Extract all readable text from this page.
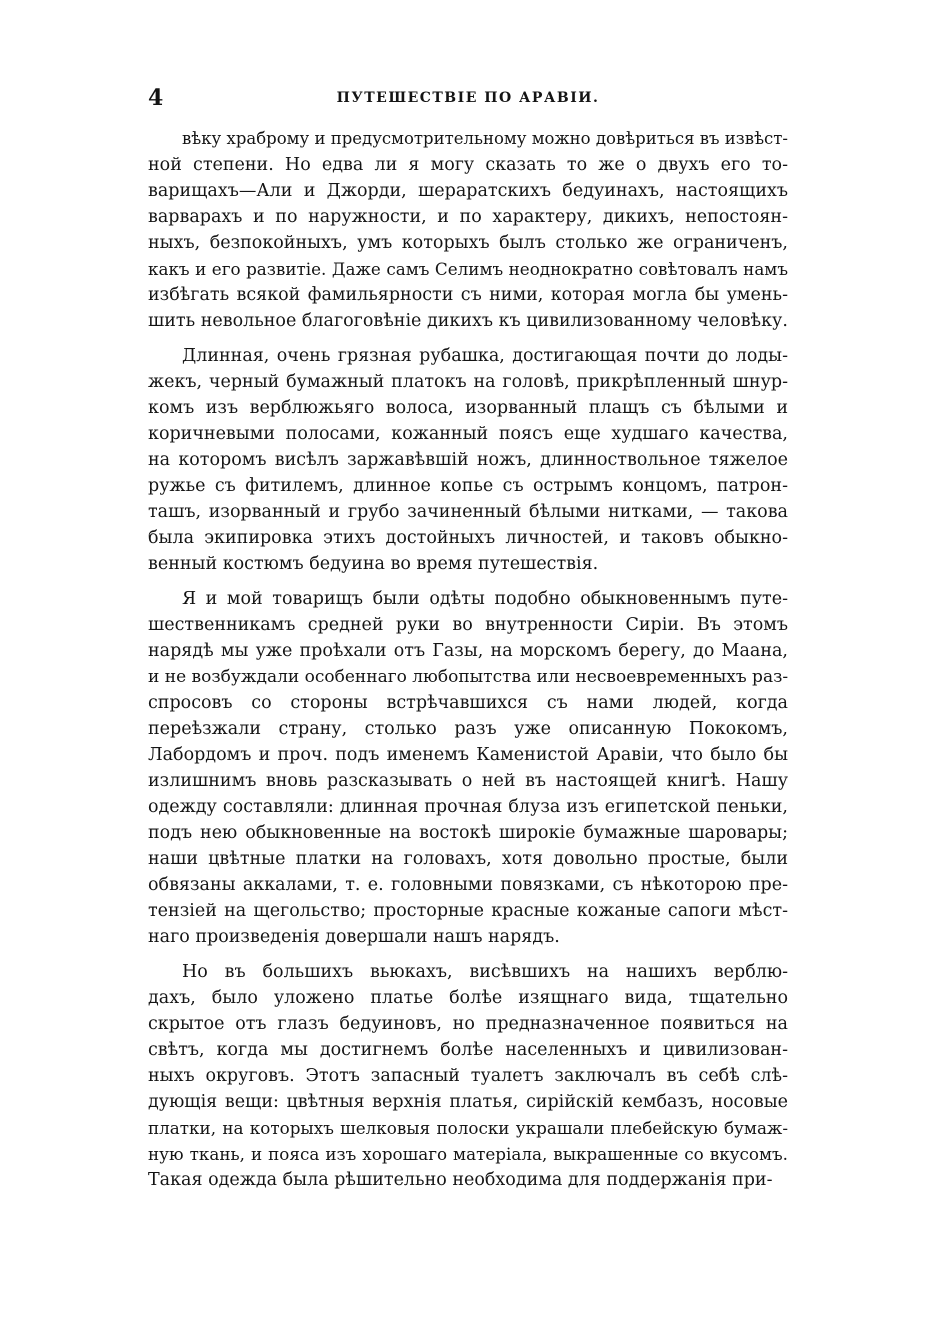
4	ПУТЕШЕСТВІЕ ПО АРАВІИ.

вѣку храброму и предусмотрительному можно довѣриться въ извѣст-
ной степени. Но едва ли я могу сказать то же о двухъ его то-
варищахъ—Али и Джорди, шераратскихъ бедуинахъ, настоящихъ
варварахъ и по наружности, и по характеру, дикихъ, непостоян-
ныхъ, безпокойныхъ, умъ которыхъ былъ столько же ограниченъ,
какъ и его развитіе. Даже самъ Селимъ неоднократно совѣтовалъ намъ
избѣгать всякой фамильярности съ ними, которая могла бы умень-
шить невольное благоговѣніе дикихъ къ цивилизованному человѣку.

Длинная, очень грязная рубашка, достигающая почти до лоды-
жекъ, черный бумажный платокъ на головѣ, прикрѣпленный шнур-
комъ изъ верблюжьяго волоса, изорванный плащъ съ бѣлыми и
коричневыми полосами, кожанный поясъ еще худшаго качества,
на которомъ висѣлъ заржавѣвшій ножъ, длинноствольное тяжелое
ружье съ фитилемъ, длинное копье съ острымъ концомъ, патрон-
ташъ, изорванный и грубо зачиненный бѣлыми нитками, — такова
была экипировка этихъ достойныхъ личностей, и таковъ обыкно-
венный костюмъ бедуина во время путешествія.

Я и мой товарищъ были одѣты подобно обыкновеннымъ путе-
шественникамъ средней руки во внутренности Сиріи. Въ этомъ
нарядѣ мы уже проѣхали отъ Газы, на морскомъ берегу, до Маана,
и не возбуждали особеннаго любопытства или несвоевременныхъ раз-
спросовъ со стороны встрѣчавшихся съ нами людей, когда
переѣзжали страну, столько разъ уже описанную Пококомъ,
Лабордомъ и проч. подъ именемъ Каменистой Аравіи, что было бы
излишнимъ вновь разсказывать о ней въ настоящей книгѣ. Нашу
одежду составляли: длинная прочная блуза изъ египетской пеньки,
подъ нею обыкновенные на востокѣ широкіе бумажные шаровары;
наши цвѣтные платки на головахъ, хотя довольно простые, были
обвязаны аккалами, т. е. головными повязками, съ нѣкоторою пре-
тензіей на щегольство; просторные красные кожаные сапоги мѣст-
наго произведенія довершали нашъ нарядъ.

Но въ большихъ вьюкахъ, висѣвшихъ на нашихъ верблю-
дахъ, было уложено платье болѣе изящнаго вида, тщательно
скрытое отъ глазъ бедуиновъ, но предназначенное появиться на
свѣтъ, когда мы достигнемъ болѣе населенныхъ и цивилизован-
ныхъ округовъ. Этотъ запасный туалетъ заключалъ въ себѣ слѣ-
дующія вещи: цвѣтныя верхнія платья, сирійскій кембазъ, носовые
платки, на которыхъ шелковыя полоски украшали плебейскую бумаж-
ную ткань, и пояса изъ хорошаго матеріала, выкрашенные со вкусомъ.
Такая одежда была рѣшительно необходима для поддержанія при-
